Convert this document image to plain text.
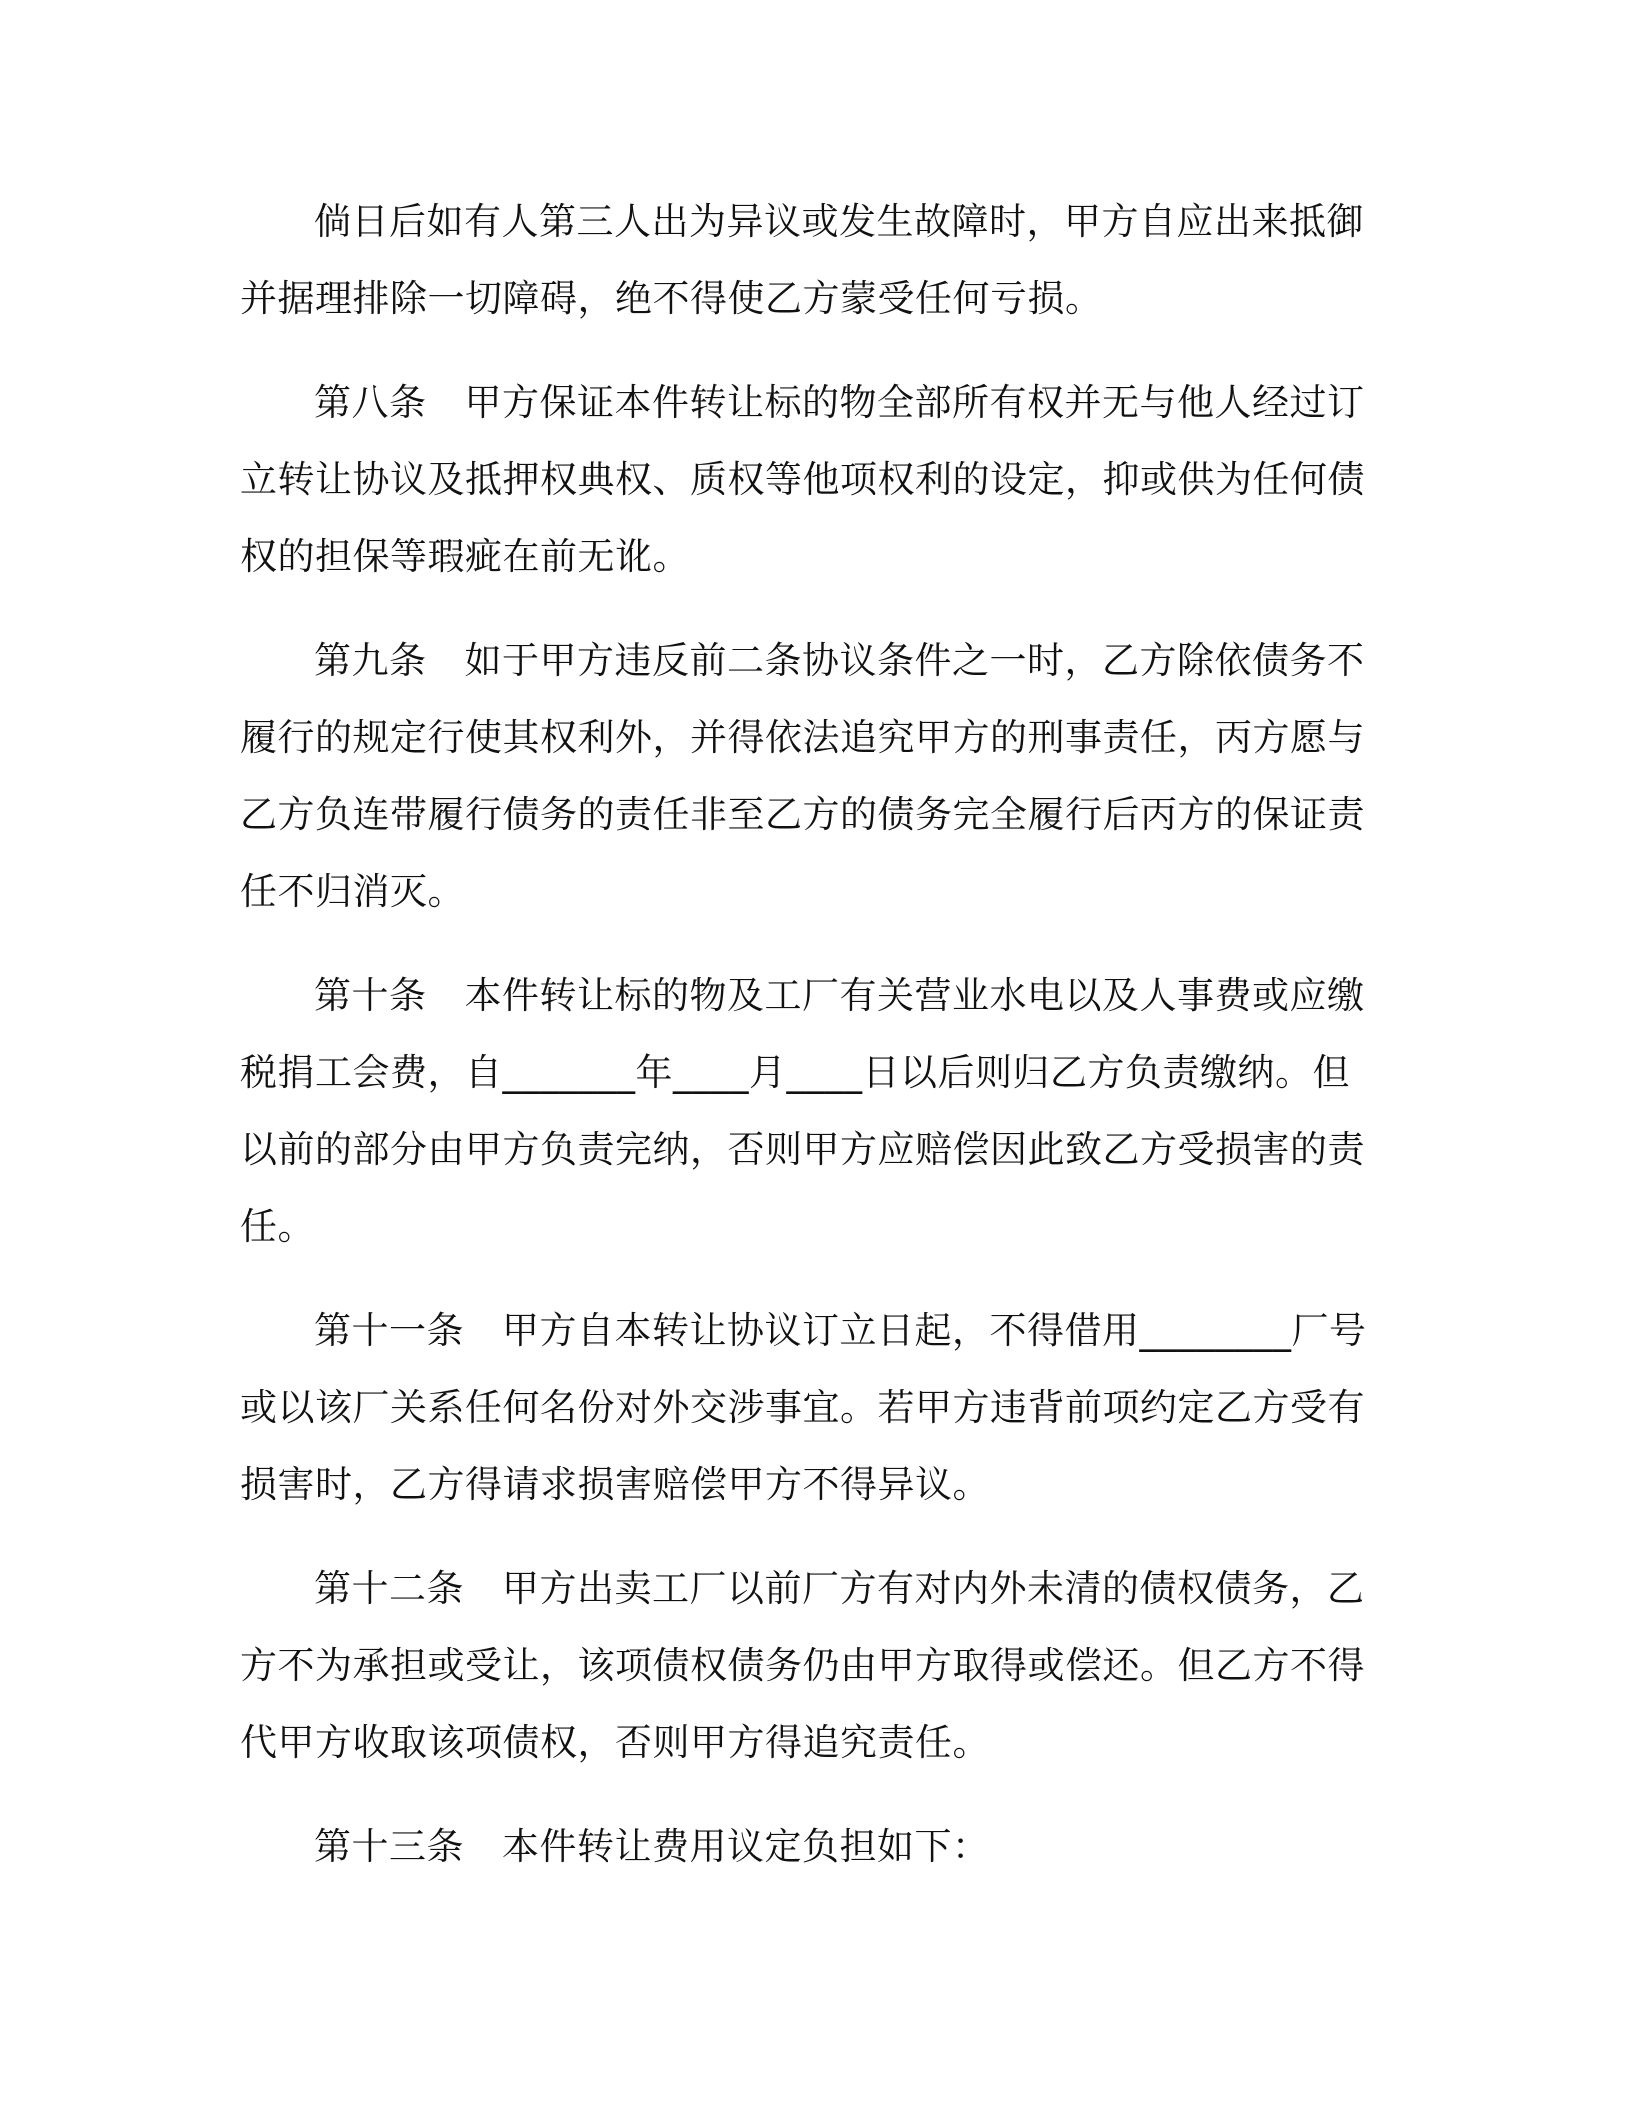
倘日后如有人第三人出为异议或发生故障时，甲方自应出来抵御
并据理排除一切障碍，绝不得使乙方蒙受任何亏损。
第八条 甲方保证本件转让标的物全部所有权并无与他人经过订
立转让协议及抵押权典权、质权等他项权利的设定，抑或供为任何债
权的担保等瑕疵在前无讹。
第九条 如于甲方违反前二条协议条件之一时，乙方除依债务不
履行的规定行使其权利外，并得依法追究甲方的刑事责任，丙方愿与
乙方负连带履行债务的责任非至乙方的债务完全履行后丙方的保证责
任不归消灭。
第十条 本件转让标的物及工厂有关营业水电以及人事费或应缴
税捐工会费，自_______年____月____日以后则归乙方负责缴纳。但
以前的部分由甲方负责完纳，否则甲方应赔偿因此致乙方受损害的责
任。
第十一条 甲方自本转让协议订立日起，不得借用________厂号
或以该厂关系任何名份对外交涉事宜。若甲方违背前项约定乙方受有
损害时，乙方得请求损害赔偿甲方不得异议。
第十二条 甲方出卖工厂以前厂方有对内外未清的债权债务，乙
方不为承担或受让，该项债权债务仍由甲方取得或偿还。但乙方不得
代甲方收取该项债权，否则甲方得追究责任。
第十三条 本件转让费用议定负担如下：
